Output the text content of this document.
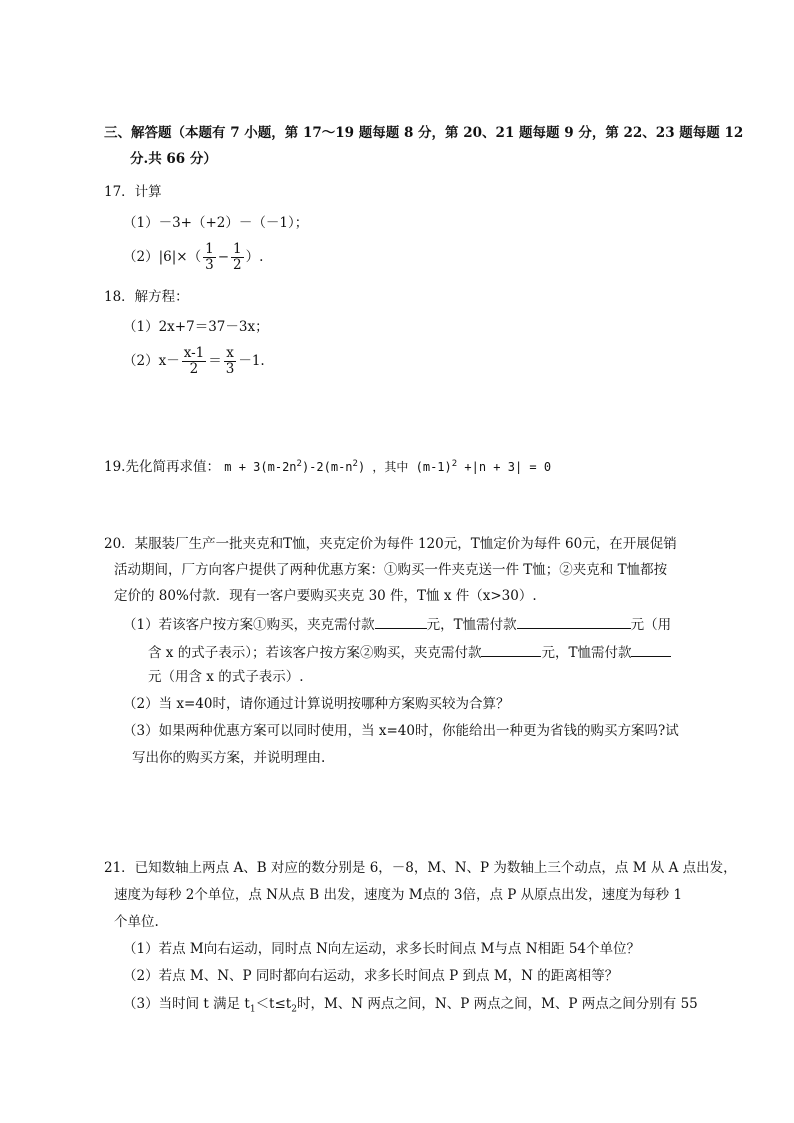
三、解答题（本题有 7 小题，第 17～19 题每题 8 分，第 20、21 题每题 9 分，第 22、23 题每题 12
分.共 66 分）
17．计算
（1）－3+（+2）－（－1）；
$(2)|6|\times( \frac{1}{3} - \frac{1}{2}$ ）.
18．解方程：
（1）2x+7＝37－3x；
$(2)x- \frac{x-1}{2} = \frac{x}{3} -1$.
19.先化简再求值： $m + 3(m-2n^2)-2(m-n^2)$ ，其中 $(m-1)^2 +|n + 3| = 0$
20．某服装厂生产一批夹克和T恤，夹克定价为每件 120元，T恤定价为每件 60元，在开展促销
活动期间，厂方向客户提供了两种优惠方案：①购买一件夹克送一件 T恤；②夹克和 T恤都按
定价的 80%付款．现有一客户要购买夹克 30 件，T恤 x 件（x>30）.
（1）若该客户按方案①购买，夹克需付款	元，T恤需付款	元（用
含 x 的式子表示）；若该客户按方案②购买，夹克需付款	元，T恤需付款
元（用含 x 的式子表示）.
（2）当 x=40时，请你通过计算说明按哪种方案购买较为合算？
（3）如果两种优惠方案可以同时使用，当 x=40时，你能给出一种更为省钱的购买方案吗?试
写出你的购买方案，并说明理由.
21．已知数轴上两点 A、B 对应的数分别是 6，－8，M、N、P 为数轴上三个动点，点 M 从 A 点出发，
速度为每秒 2个单位，点 N从点 B 出发，速度为 M点的 3倍，点 P 从原点出发，速度为每秒 1
个单位.
（1）若点 M向右运动，同时点 N向左运动，求多长时间点 M与点 N相距 54个单位？
（2）若点 M、N、P 同时都向右运动，求多长时间点 P 到点 M，N 的距离相等？
（3）当时间 t 满足 $t_1<t\le t_2$时，M、N 两点之间，N、P 两点之间，M、P 两点之间分别有 55
